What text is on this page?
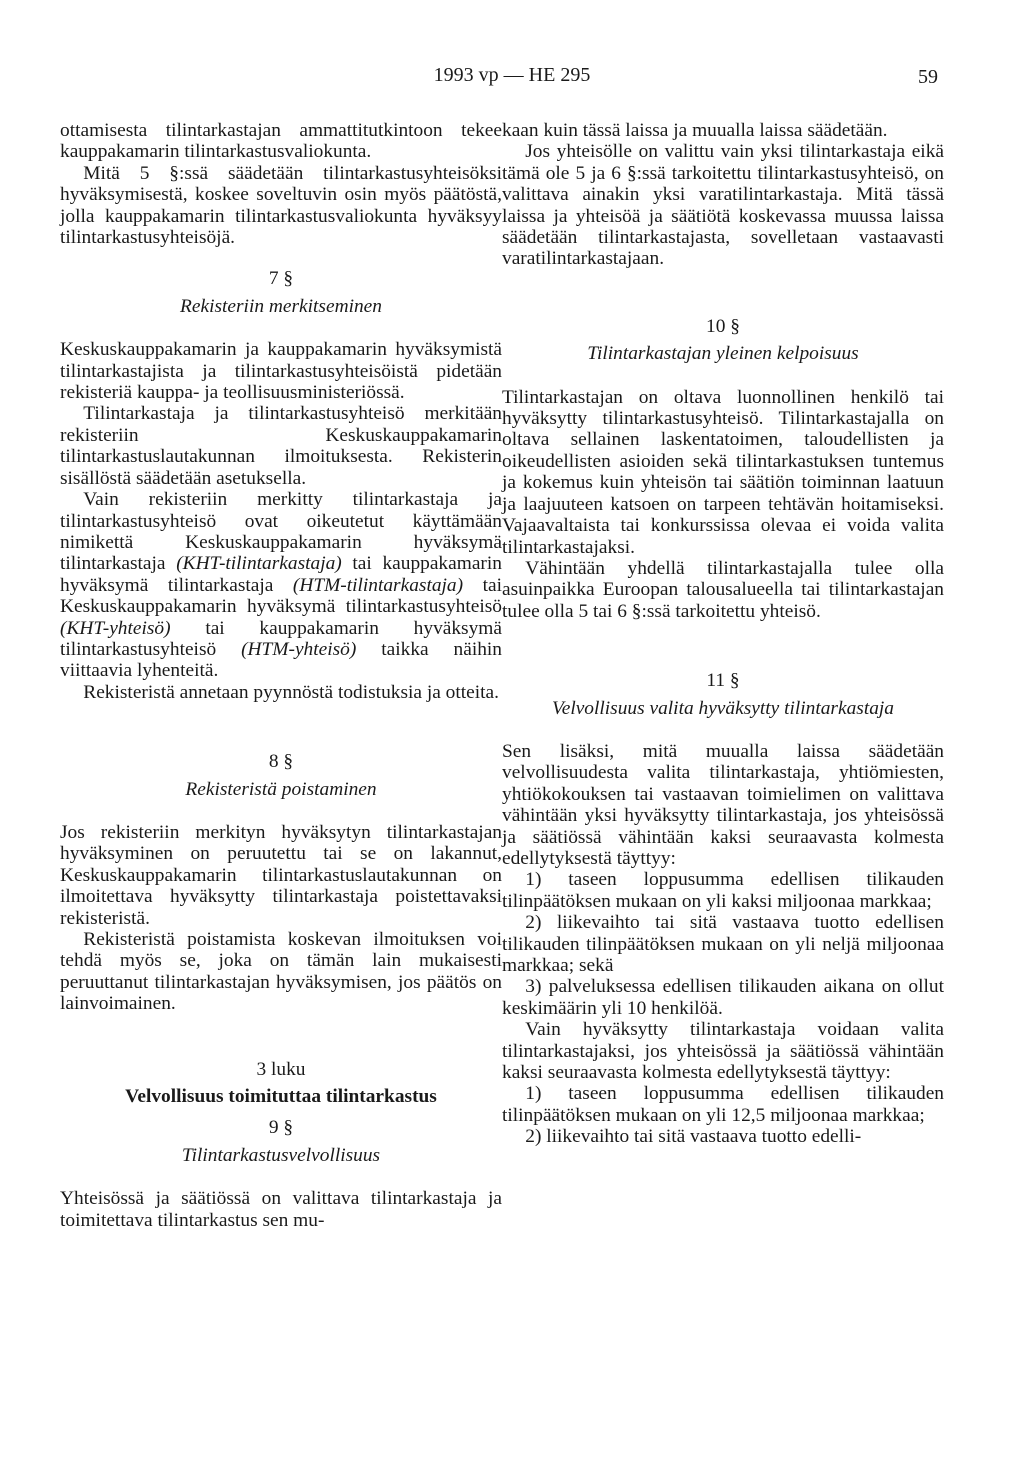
1993 vp — HE 295	59

ottamisesta tilintarkastajan ammattitutkintoon tekee kauppakamarin tilintarkastusvaliokunta.

Mitä 5 §:ssä säädetään tilintarkastusyhteisöksi hyväksymisestä, koskee soveltuvin osin myös päätöstä, jolla kauppakamarin tilintarkastusvaliokunta hyväksyy tilintarkastusyhteisöjä.

7 §
Rekisteriin merkitseminen

Keskuskauppakamarin ja kauppakamarin hyväksymistä tilintarkastajista ja tilintarkastusyhteisöistä pidetään rekisteriä kauppa- ja teollisuusministeriössä.

Tilintarkastaja ja tilintarkastusyhteisö merkitään rekisteriin Keskuskauppakamarin tilintarkastuslautakunnan ilmoituksesta. Rekisterin sisällöstä säädetään asetuksella.

Vain rekisteriin merkitty tilintarkastaja ja tilintarkastusyhteisö ovat oikeutetut käyttämään nimikettä Keskuskauppakamarin hyväksymä tilintarkastaja (KHT-tilintarkastaja) tai kauppakamarin hyväksymä tilintarkastaja (HTM-tilintarkastaja) tai Keskuskauppakamarin hyväksymä tilintarkastusyhteisö (KHT-yhteisö) tai kauppakamarin hyväksymä tilintarkastusyhteisö (HTM-yhteisö) taikka näihin viittaavia lyhenteitä.

Rekisteristä annetaan pyynnöstä todistuksia ja otteita.

8 §
Rekisteristä poistaminen

Jos rekisteriin merkityn hyväksytyn tilintarkastajan hyväksyminen on peruutettu tai se on lakannut, Keskuskauppakamarin tilintarkastuslautakunnan on ilmoitettava hyväksytty tilintarkastaja poistettavaksi rekisteristä.

Rekisteristä poistamista koskevan ilmoituksen voi tehdä myös se, joka on tämän lain mukaisesti peruuttanut tilintarkastajan hyväksymisen, jos päätös on lainvoimainen.

3 luku
Velvollisuus toimituttaa tilintarkastus
9 §
Tilintarkastusvelvollisuus

Yhteisössä ja säätiössä on valittava tilintarkastaja ja toimitettava tilintarkastus sen mu-

kaan kuin tässä laissa ja muualla laissa säädetään.

Jos yhteisölle on valittu vain yksi tilintarkastaja eikä tämä ole 5 ja 6 §:ssä tarkoitettu tilintarkastusyhteisö, on valittava ainakin yksi varatilintarkastaja. Mitä tässä laissa ja yhteisöä ja säätiötä koskevassa muussa laissa säädetään tilintarkastajasta, sovelletaan vastaavasti varatilintarkastajaan.

10 §
Tilintarkastajan yleinen kelpoisuus

Tilintarkastajan on oltava luonnollinen henkilö tai hyväksytty tilintarkastusyhteisö. Tilintarkastajalla on oltava sellainen laskentatoimen, taloudellisten ja oikeudellisten asioiden sekä tilintarkastuksen tuntemus ja kokemus kuin yhteisön tai säätiön toiminnan laatuun ja laajuuteen katsoen on tarpeen tehtävän hoitamiseksi. Vajaavaltaista tai konkurssissa olevaa ei voida valita tilintarkastajaksi.

Vähintään yhdellä tilintarkastajalla tulee olla asuinpaikka Euroopan talousalueella tai tilintarkastajan tulee olla 5 tai 6 §:ssä tarkoitettu yhteisö.

11 §
Velvollisuus valita hyväksytty tilintarkastaja

Sen lisäksi, mitä muualla laissa säädetään velvollisuudesta valita tilintarkastaja, yhtiömiesten, yhtiökokouksen tai vastaavan toimielimen on valittava vähintään yksi hyväksytty tilintarkastaja, jos yhteisössä ja säätiössä vähintään kaksi seuraavasta kolmesta edellytyksestä täyttyy:

1) taseen loppusumma edellisen tilikauden tilinpäätöksen mukaan on yli kaksi miljoonaa markkaa;

2) liikevaihto tai sitä vastaava tuotto edellisen tilikauden tilinpäätöksen mukaan on yli neljä miljoonaa markkaa; sekä

3) palveluksessa edellisen tilikauden aikana on ollut keskimäärin yli 10 henkilöä.

Vain hyväksytty tilintarkastaja voidaan valita tilintarkastajaksi, jos yhteisössä ja säätiössä vähintään kaksi seuraavasta kolmesta edellytyksestä täyttyy:

1) taseen loppusumma edellisen tilikauden tilinpäätöksen mukaan on yli 12,5 miljoonaa markkaa;

2) liikevaihto tai sitä vastaava tuotto edelli-
